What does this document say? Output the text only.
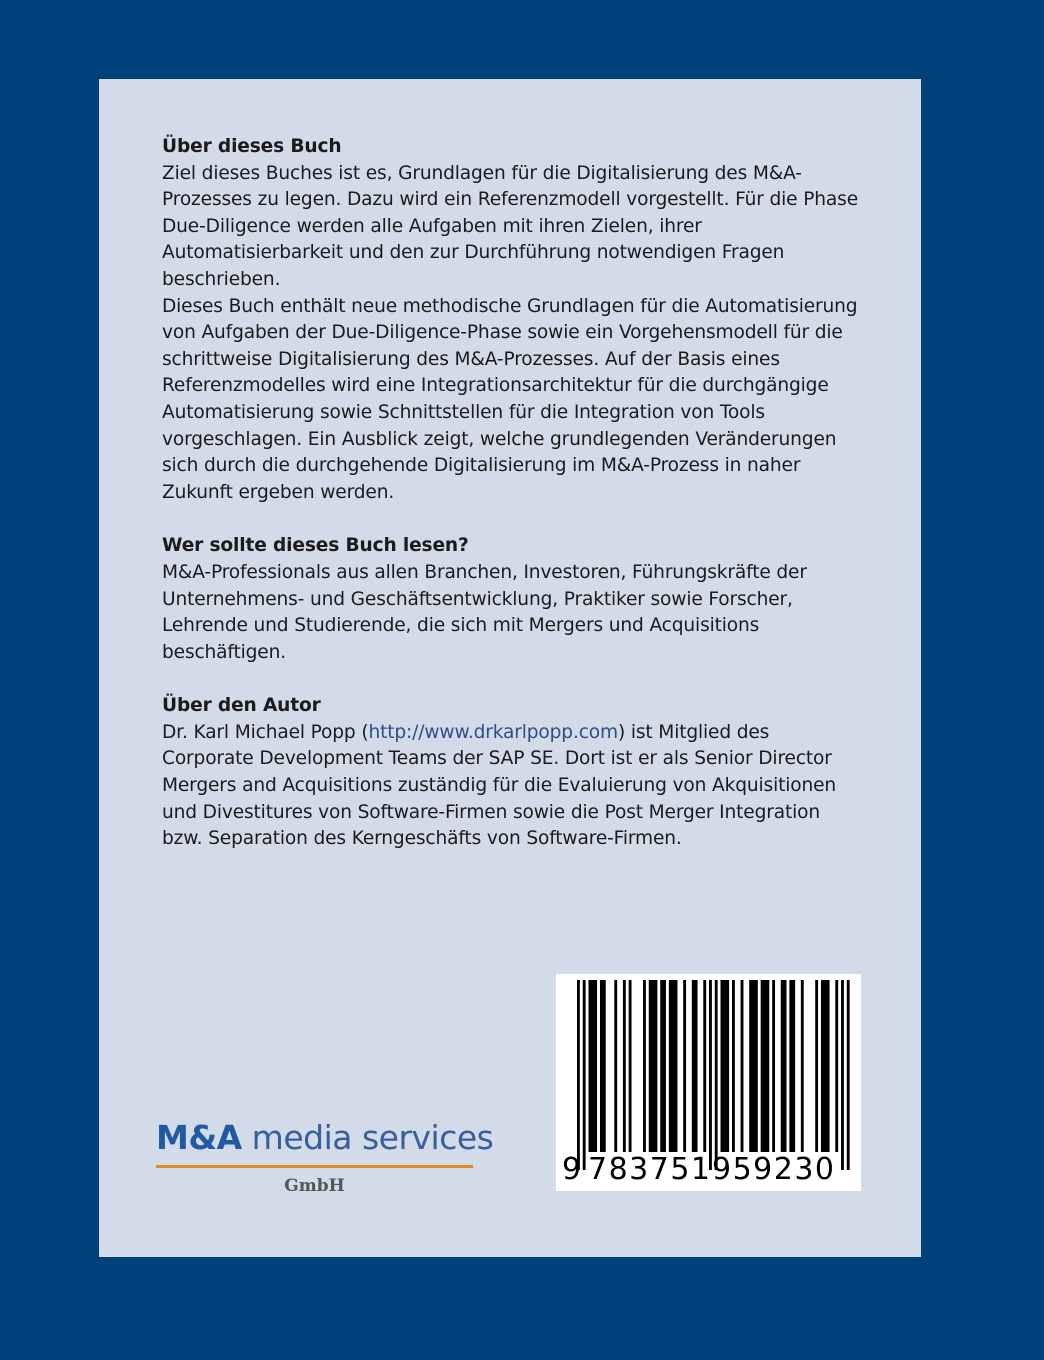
Über dieses Buch

Ziel dieses Buches ist es, Grundlagen für die Digitalisierung des M&A-Prozesses zu legen. Dazu wird ein Referenzmodell vorgestellt. Für die Phase Due-Diligence werden alle Aufgaben mit ihren Zielen, ihrer Automatisierbarkeit und den zur Durchführung notwendigen Fragen beschrieben.

Dieses Buch enthält neue methodische Grundlagen für die Automatisierung von Aufgaben der Due-Diligence-Phase sowie ein Vorgehensmodell für die schrittweise Digitalisierung des M&A-Prozesses. Auf der Basis eines Referenzmodelles wird eine Integrationsarchitektur für die durchgängige Automatisierung sowie Schnittstellen für die Integration von Tools vorgeschlagen. Ein Ausblick zeigt, welche grundlegenden Veränderungen sich durch die durchgehende Digitalisierung im M&A-Prozess in naher Zukunft ergeben werden.

Wer sollte dieses Buch lesen?

M&A-Professionals aus allen Branchen, Investoren, Führungskräfte der Unternehmens- und Geschäftsentwicklung, Praktiker sowie Forscher, Lehrende und Studierende, die sich mit Mergers und Acquisitions beschäftigen.

Über den Autor

Dr. Karl Michael Popp (http://www.drkarlpopp.com) ist Mitglied des Corporate Development Teams der SAP SE. Dort ist er als Senior Director Mergers and Acquisitions zuständig für die Evaluierung von Akquisitionen und Divestitures von Software-Firmen sowie die Post Merger Integration bzw. Separation des Kerngeschäfts von Software-Firmen.

M&A media services
GmbH	9 783751 959230
